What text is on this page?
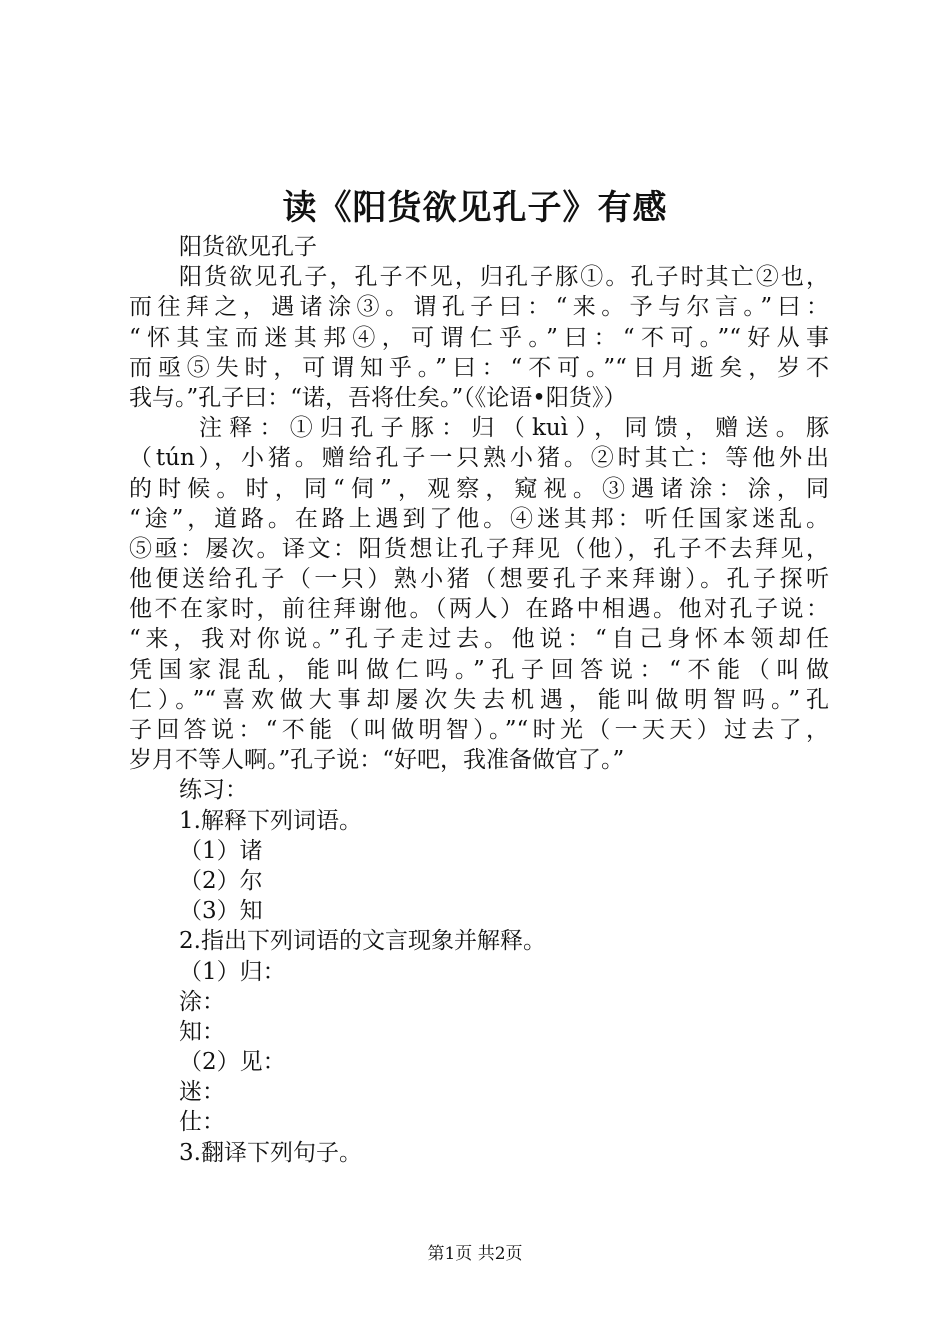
读《阳货欲见孔子》有感
阳货欲见孔子
阳货欲见孔子，孔子不见，归孔子豚①。孔子时其亡②也，
而往拜之，遇诸涂③。谓孔子曰：“来。予与尔言。”曰：
“怀其宝而迷其邦④，可谓仁乎。”曰：“不可。”“好从事
而亟⑤失时，可谓知乎。”曰：“不可。”“日月逝矣，岁不
我与。”孔子曰：“诺，吾将仕矣。”（《论语•阳货》）
注释：①归孔子豚：归（kuì），同馈，赠送。豚
（tún），小猪。赠给孔子一只熟小猪。②时其亡：等他外出
的时候。时，同“伺”，观察，窥视。③遇诸涂：涂，同
“途”，道路。在路上遇到了他。④迷其邦：听任国家迷乱。
⑤亟：屡次。译文：阳货想让孔子拜见（他），孔子不去拜见，
他便送给孔子（一只）熟小猪（想要孔子来拜谢）。孔子探听
他不在家时，前往拜谢他。（两人）在路中相遇。他对孔子说：
“来，我对你说。”孔子走过去。他说：“自己身怀本领却任
凭国家混乱，能叫做仁吗。”孔子回答说：“不能（叫做
仁）。”“喜欢做大事却屡次失去机遇，能叫做明智吗。”孔
子回答说：“不能（叫做明智）。”“时光（一天天）过去了，
岁月不等人啊。”孔子说：“好吧，我准备做官了。”
练习：
1.解释下列词语。
（1）诸
（2）尔
（3）知
2.指出下列词语的文言现象并解释。
（1）归：
涂：
知：
（2）见：
迷：
仕：
3.翻译下列句子。
第1页 共2页
